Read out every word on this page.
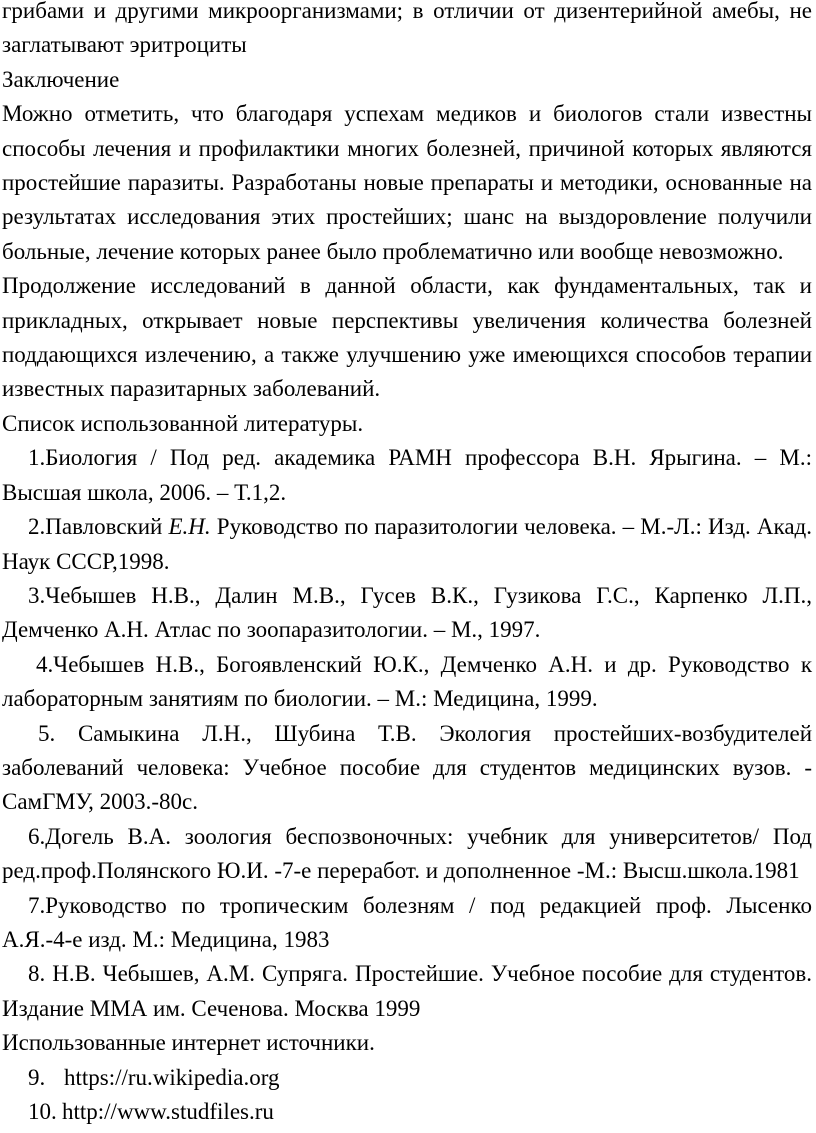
грибами и другими микроорганизмами; в отличии от дизентерийной амебы, не заглатывают эритроциты

Заключение

Можно отметить, что благодаря успехам медиков и биологов стали известны способы лечения и профилактики многих болезней, причиной которых являются простейшие паразиты. Разработаны новые препараты и методики, основанные на результатах исследования этих простейших; шанс на выздоровление получили больные, лечение которых ранее было проблематично или вообще невозможно.

Продолжение исследований в данной области, как фундаментальных, так и прикладных, открывает новые перспективы увеличения количества болезней поддающихся излечению, а также улучшению уже имеющихся способов терапии известных паразитарных заболеваний.

Список использованной литературы.

1.Биология / Под ред. академика РАМН профессора В.Н. Ярыгина. – М.: Высшая школа, 2006. – Т.1,2.

2.Павловский Е.Н. Руководство по паразитологии человека. – М.-Л.: Изд. Акад. Наук СССР,1998.

3.Чебышев Н.В., Далин М.В., Гусев В.К., Гузикова Г.С., Карпенко Л.П., Демченко А.Н. Атлас по зоопаразитологии. – М., 1997.

4.Чебышев Н.В., Богоявленский Ю.К., Демченко А.Н. и др. Руководство к лабораторным занятиям по биологии. – М.: Медицина, 1999.

5. Самыкина Л.Н., Шубина Т.В. Экология простейших-возбудителей заболеваний человека: Учебное пособие для студентов медицинских вузов. - СамГМУ, 2003.-80с.

6.Догель В.А. зоология беспозвоночных: учебник для университетов/ Под ред.проф.Полянского Ю.И. -7-е переработ. и дополненное -М.: Высш.школа.1981

7.Руководство по тропическим болезням / под редакцией проф. Лысенко А.Я.-4-е изд. М.: Медицина, 1983

8. Н.В. Чебышев, А.М. Супряга. Простейшие. Учебное пособие для студентов. Издание ММА им. Сеченова. Москва 1999

Использованные интернет источники.

9. https://ru.wikipedia.org

10. http://www.studfiles.ru
